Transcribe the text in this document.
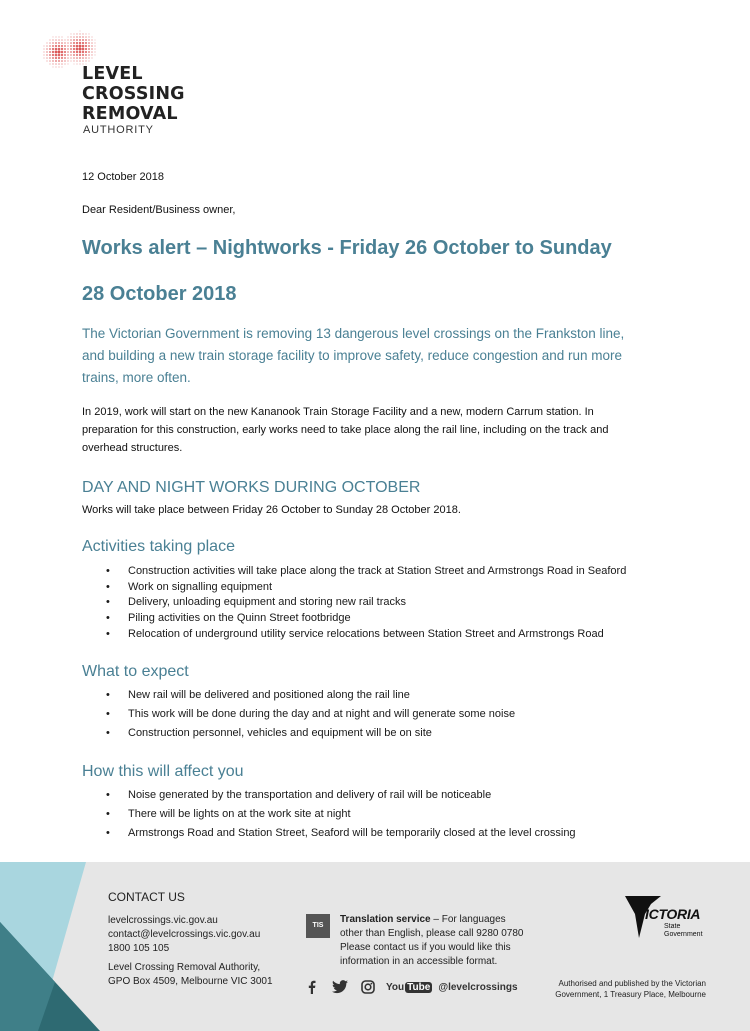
LEVEL
CROSSING
REMOVAL
AUTHORITY
12 October 2018
Dear Resident/Business owner,
Works alert – Nightworks - Friday 26 October to Sunday
28 October 2018
The Victorian Government is removing 13 dangerous level crossings on the Frankston line,
and building a new train storage facility to improve safety, reduce congestion and run more
trains, more often.
In 2019, work will start on the new Kananook Train Storage Facility and a new, modern Carrum station. In
preparation for this construction, early works need to take place along the rail line, including on the track and
overhead structures.
DAY AND NIGHT WORKS DURING OCTOBER
Works will take place between Friday 26 October to Sunday 28 October 2018.
Activities taking place
• Construction activities will take place along the track at Station Street and Armstrongs Road in Seaford
• Work on signalling equipment
• Delivery, unloading equipment and storing new rail tracks
• Piling activities on the Quinn Street footbridge
• Relocation of underground utility service relocations between Station Street and Armstrongs Road
What to expect
• New rail will be delivered and positioned along the rail line
• This work will be done during the day and at night and will generate some noise
• Construction personnel, vehicles and equipment will be on site
How this will affect you
• Noise generated by the transportation and delivery of rail will be noticeable
• There will be lights on at the work site at night
• Armstrongs Road and Station Street, Seaford will be temporarily closed at the level crossing
CONTACT US
levelcrossings.vic.gov.au
contact@levelcrossings.vic.gov.au
1800 105 105
Level Crossing Removal Authority,
GPO Box 4509, Melbourne VIC 3001
TIS
Translation service – For languages
other than English, please call 9280 0780
Please contact us if you would like this
information in an accessible format.
You Tube @levelcrossings
VICTORIA
State
Government
Authorised and published by the Victorian
Government, 1 Treasury Place, Melbourne
